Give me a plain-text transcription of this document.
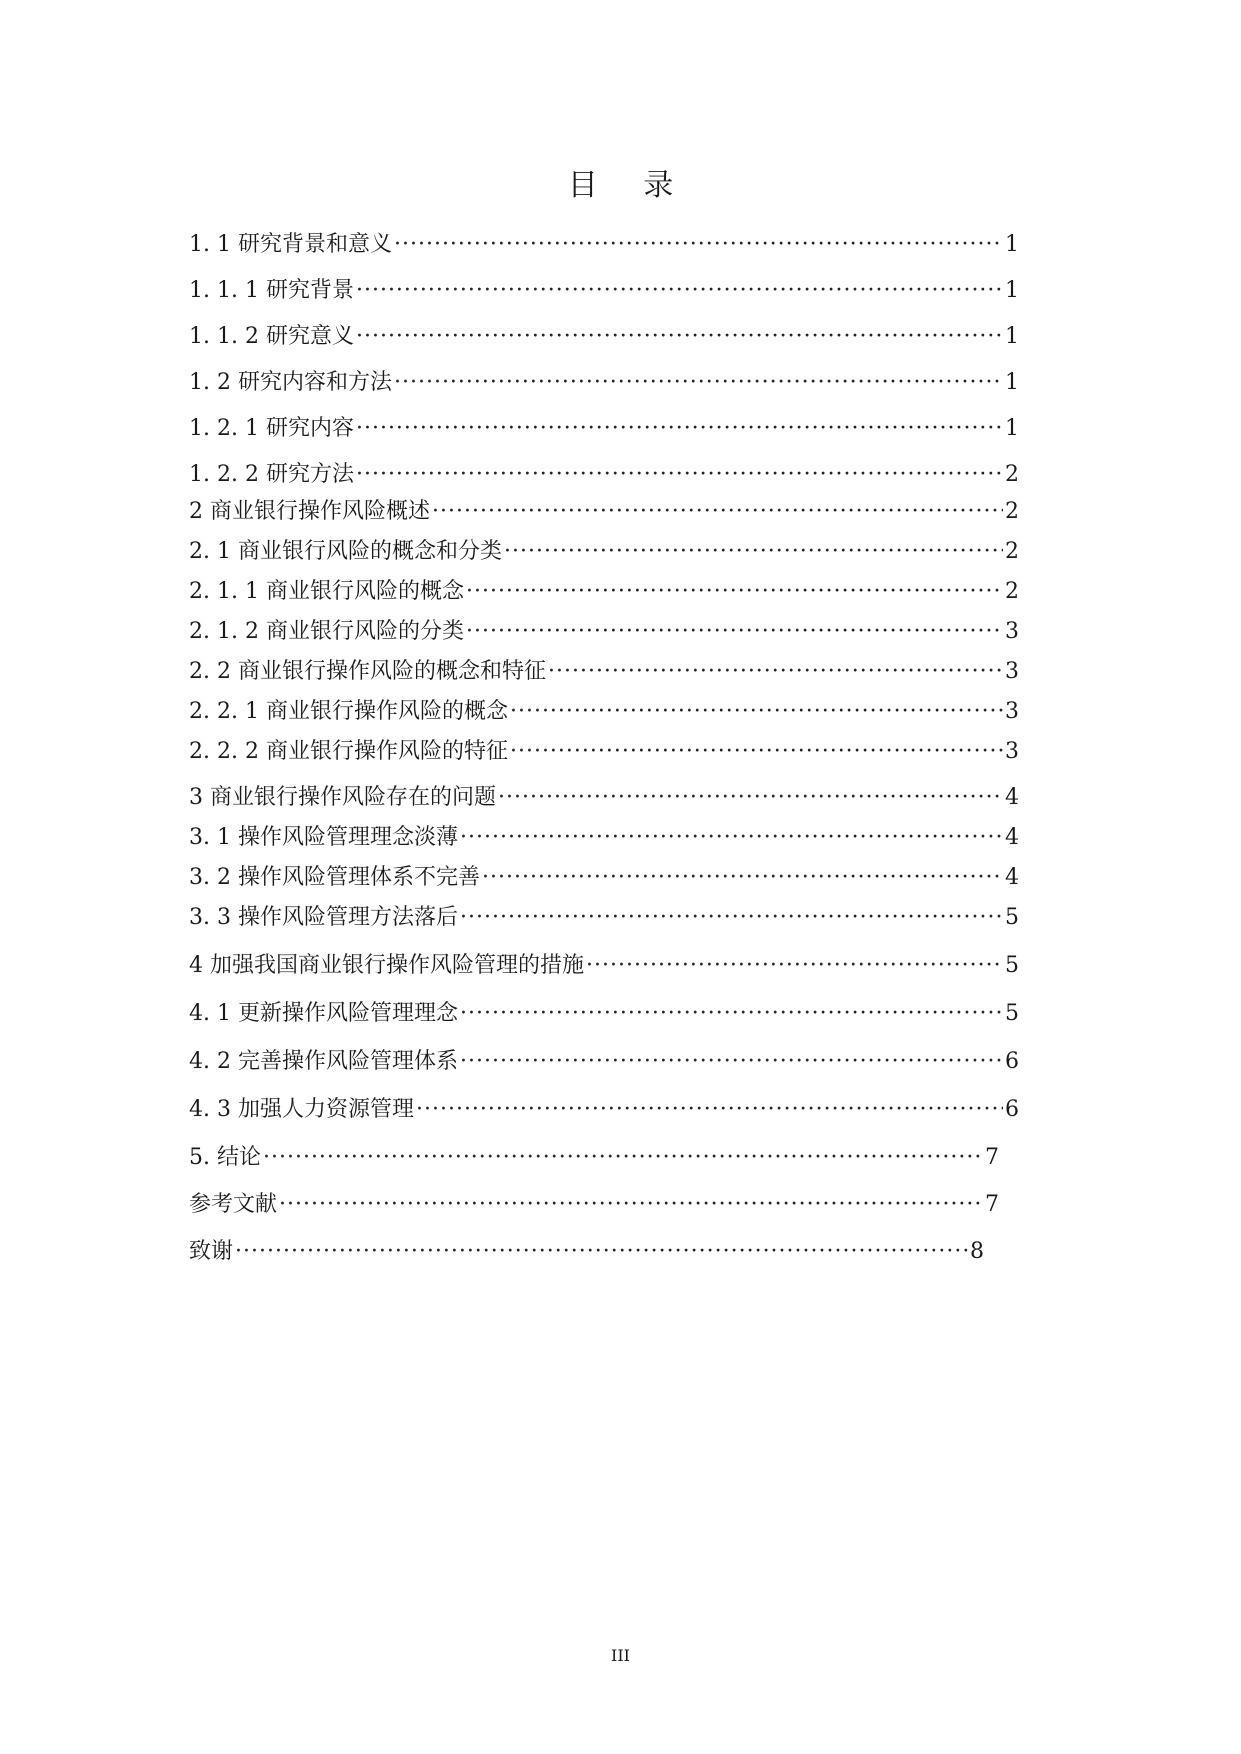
目 录
1. 1 研究背景和意义 ·····	1
1. 1. 1 研究背景 ·····	1
1. 1. 2 研究意义 ·····	1
1. 2 研究内容和方法 ·····	1
1. 2. 1 研究内容 ·····	1
1. 2. 2 研究方法 ·····	2
2 商业银行操作风险概述 ·····	2
2. 1 商业银行风险的概念和分类 ·····	2
2. 1. 1 商业银行风险的概念 ·····	2
2. 1. 2 商业银行风险的分类 ·····	3
2. 2 商业银行操作风险的概念和特征 ·····	3
2. 2. 1 商业银行操作风险的概念 ·····	3
2. 2. 2 商业银行操作风险的特征 ·····	3
3 商业银行操作风险存在的问题 ·····	4
3. 1 操作风险管理理念淡薄 ·····	4
3. 2 操作风险管理体系不完善 ·····	4
3. 3 操作风险管理方法落后 ·····	5
4 加强我国商业银行操作风险管理的措施 ·····	5
4. 1 更新操作风险管理理念 ·····	5
4. 2 完善操作风险管理体系 ·····	6
4. 3 加强人力资源管理 ·····	6
5. 结论 ·····	7
参考文献 ·····	7
致谢 ·····	8
III
